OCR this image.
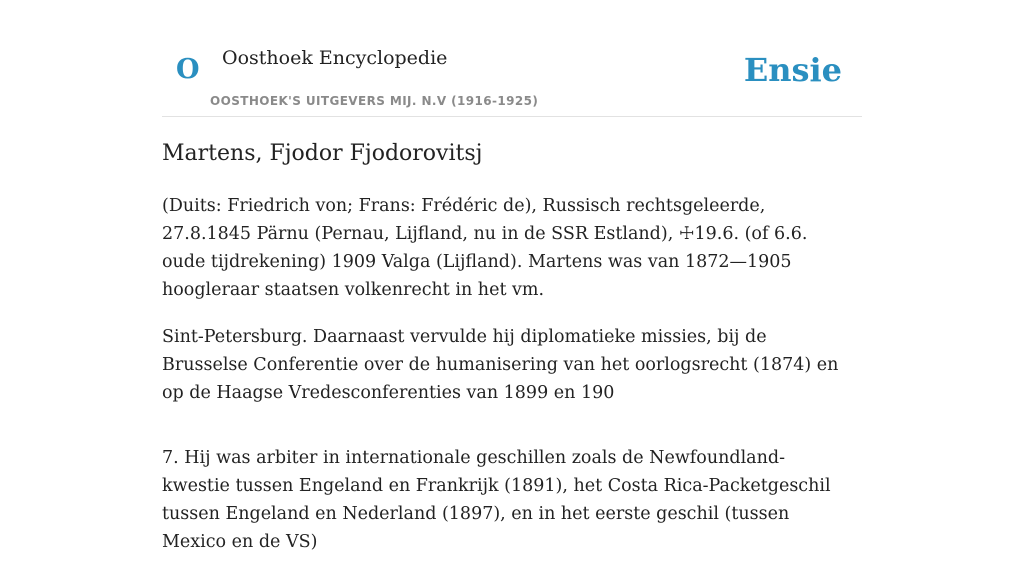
O Oosthoek Encyclopedie
OOSTHOEK'S UITGEVERS MIJ. N.V (1916-1925)
Ensie
Martens, Fjodor Fjodorovitsj

(Duits: Friedrich von; Frans: Frédéric de), Russisch rechtsgeleerde, 27.8.1845 Pärnu (Pernau, Lijfland, nu in de SSR Estland), ☩19.6. (of 6.6. oude tijdrekening) 1909 Valga (Lijfland). Martens was van 1872—1905 hoogleraar staatsen volkenrecht in het vm.

Sint-Petersburg. Daarnaast vervulde hij diplomatieke missies, bij de Brusselse Conferentie over de humanisering van het oorlogsrecht (1874) en op de Haagse Vredesconferenties van 1899 en 190

7. Hij was arbiter in internationale geschillen zoals de Newfoundland-kwestie tussen Engeland en Frankrijk (1891), het Costa Rica-Packetgeschil tussen Engeland en Nederland (1897), en in het eerste geschil (tussen Mexico en de VS)
